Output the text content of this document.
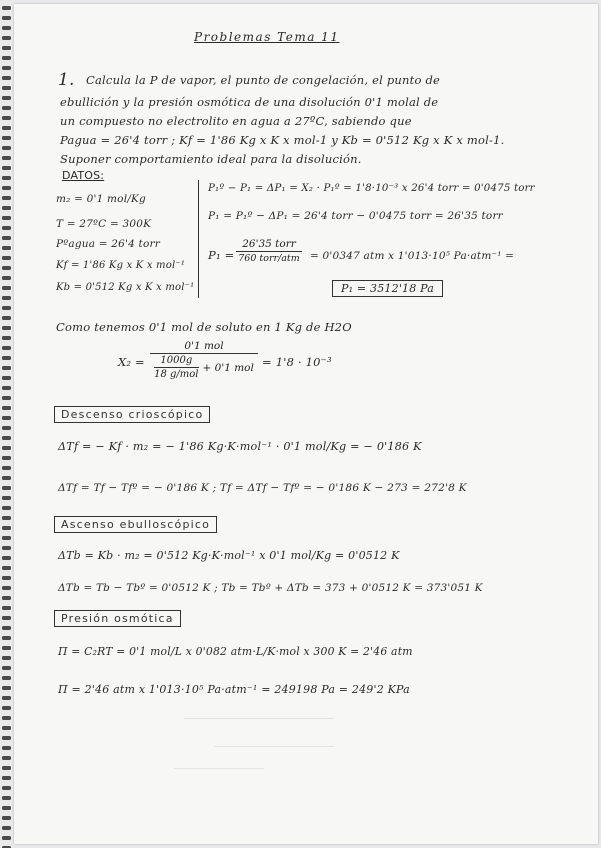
Problemas Tema 11
1. Calcula la P de vapor, el punto de congelación, el punto de
ebullición y la presión osmótica de una disolución 0'1 molal de
un compuesto no electrolito en agua a 27ºC, sabiendo que
Pagua = 26'4 torr ; Kf = 1'86 Kg x K x mol-1 y Kb = 0'512 Kg x K x mol-1.
Suponer comportamiento ideal para la disolución.
DATOS:
m₂ = 0'1 mol/Kg
T = 27ºC = 300K
Pºagua = 26'4 torr
Kf = 1'86 Kg x K x mol⁻¹
Kb = 0'512 Kg x K x mol⁻¹
P₁º − P₁ = ΔP₁ = X₂ · P₁º = 1'8·10⁻³ x 26'4 torr = 0'0475 torr
P₁ = P₁º − ΔP₁ = 26'4 torr − 0'0475 torr = 26'35 torr
P₁ =
26'35 torr
760 torr/atm = 0'0347 atm x 1'013·10⁵ Pa·atm⁻¹ =
P₁ = 3512'18 Pa
Como tenemos 0'1 mol de soluto en 1 Kg de H2O
X₂ =
0'1 mol
1000g
18 g/mol
+ 0'1 mol = 1'8 · 10⁻³
Descenso crioscópico
ΔTf = − Kf · m₂ = − 1'86 Kg·K·mol⁻¹ · 0'1 mol/Kg = − 0'186 K
ΔTf = Tf − Tfº = − 0'186 K ; Tf = ΔTf − Tfº = − 0'186 K − 273 = 272'8 K
Ascenso ebulloscópico
ΔTb = Kb · m₂ = 0'512 Kg·K·mol⁻¹ x 0'1 mol/Kg = 0'0512 K
ΔTb = Tb − Tbº = 0'0512 K ; Tb = Tbº + ΔTb = 373 + 0'0512 K = 373'051 K
Presión osmótica
Π = C₂RT = 0'1 mol/L x 0'082 atm·L/K·mol x 300 K = 2'46 atm
Π = 2'46 atm x 1'013·10⁵ Pa·atm⁻¹ = 249198 Pa = 249'2 KPa
